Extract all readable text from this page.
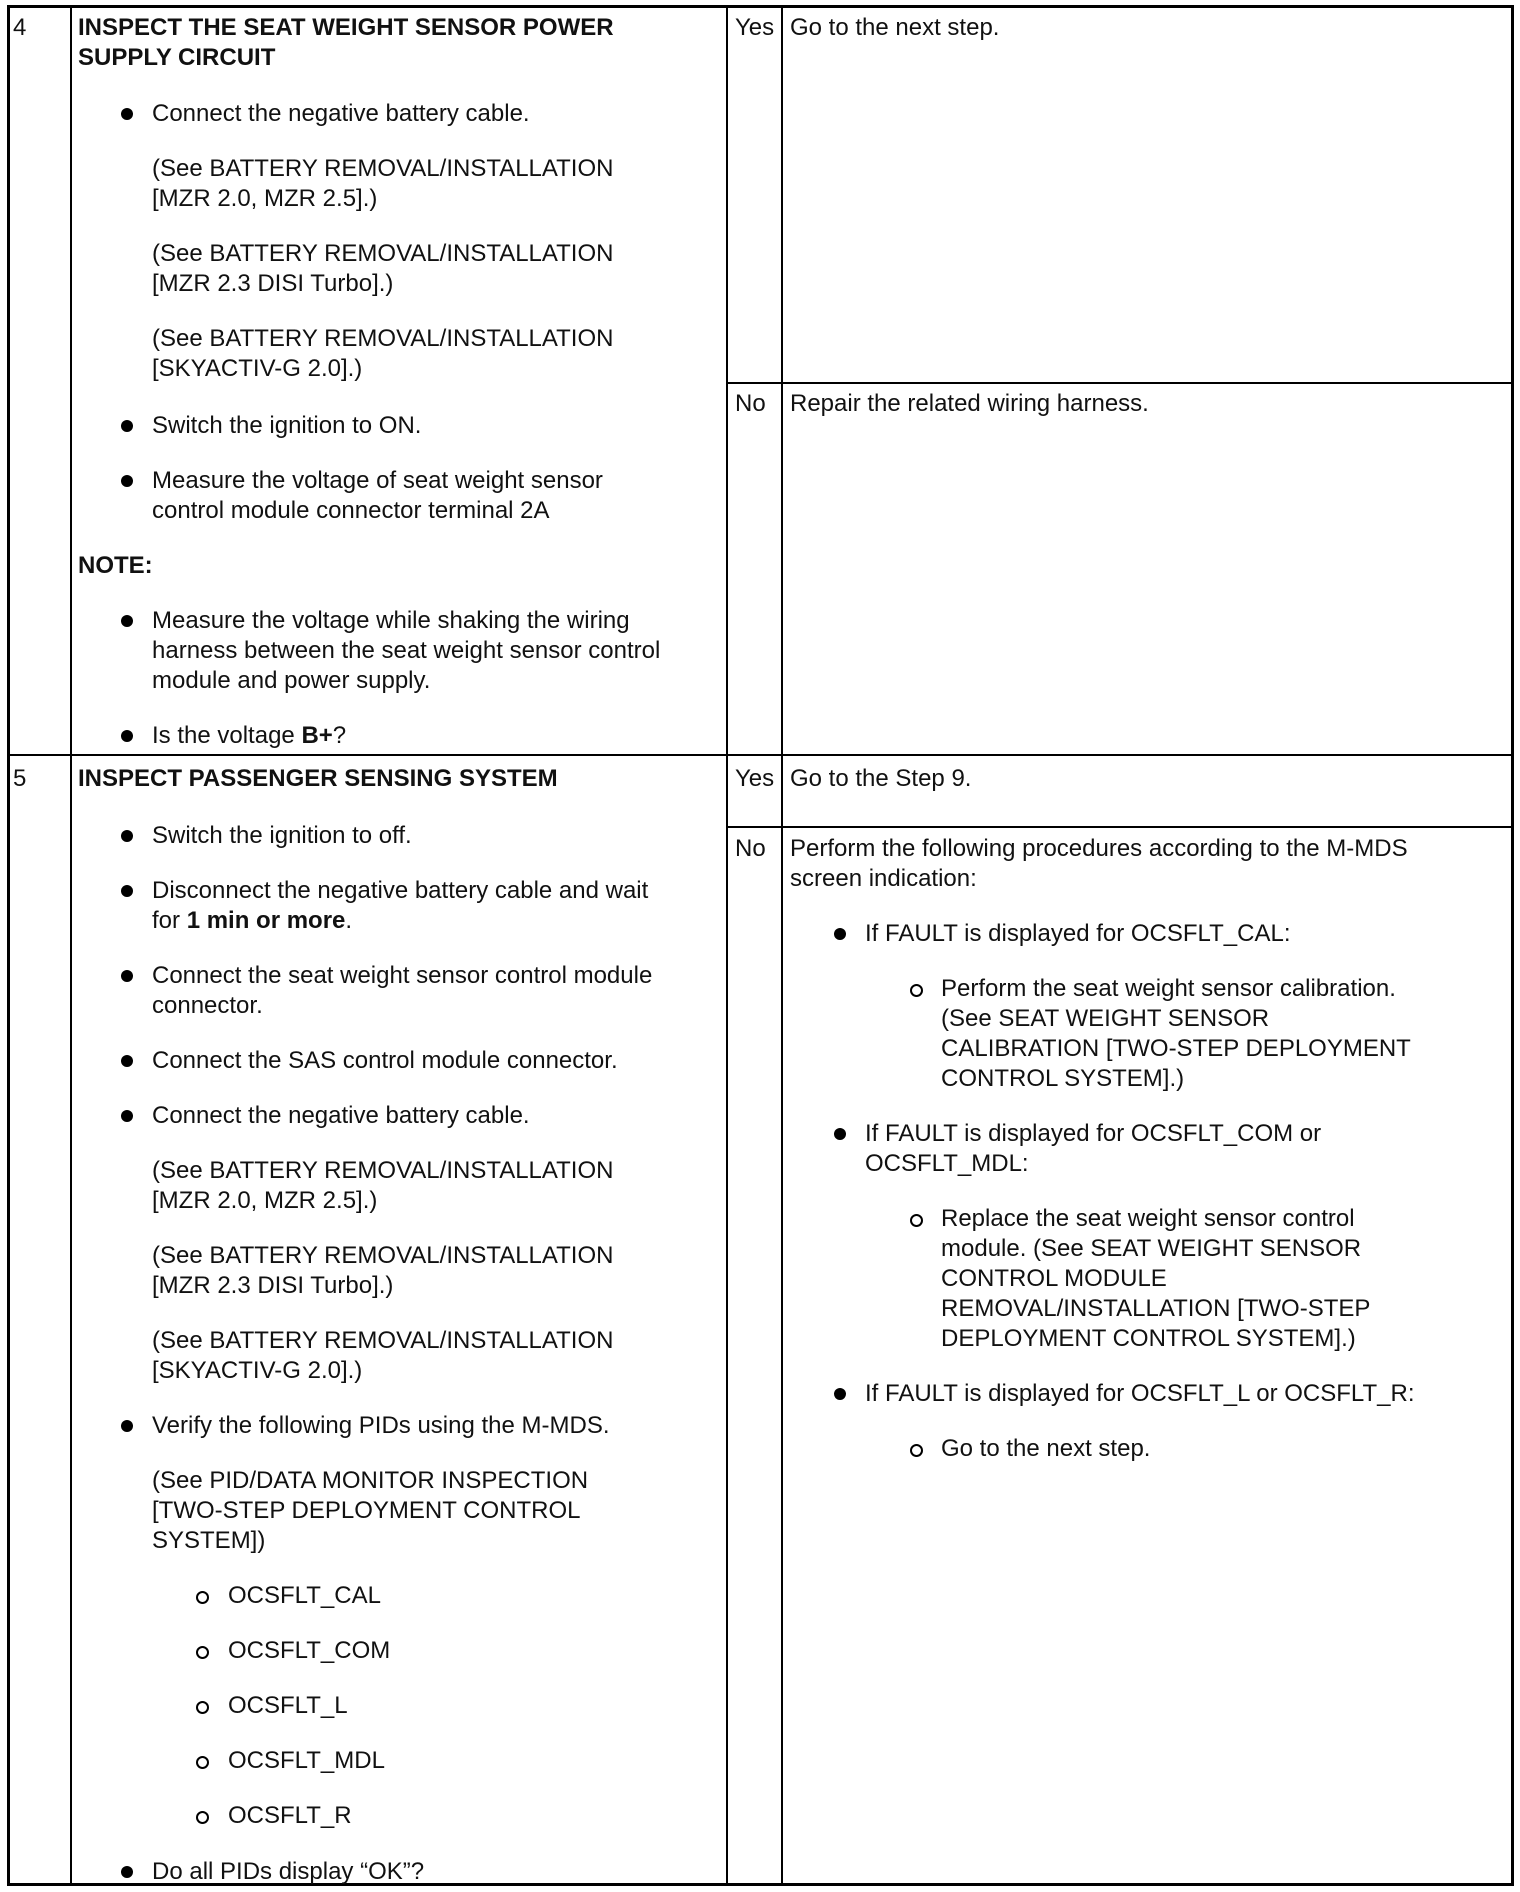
4 INSPECT THE SEAT WEIGHT SENSOR POWER
SUPPLY CIRCUIT
Connect the negative battery cable.
(See BATTERY REMOVAL/INSTALLATION
[MZR 2.0, MZR 2.5].)
(See BATTERY REMOVAL/INSTALLATION
[MZR 2.3 DISI Turbo].)
(See BATTERY REMOVAL/INSTALLATION
[SKYACTIV-G 2.0].)
Switch the ignition to ON.
Measure the voltage of seat weight sensor
control module connector terminal 2A
NOTE:
Measure the voltage while shaking the wiring
harness between the seat weight sensor control
module and power supply.
Is the voltage B+?
Yes Go to the next step.
No Repair the related wiring harness.
5 INSPECT PASSENGER SENSING SYSTEM
Switch the ignition to off.
Disconnect the negative battery cable and wait
for 1 min or more.
Connect the seat weight sensor control module
connector.
Connect the SAS control module connector.
Connect the negative battery cable.
(See BATTERY REMOVAL/INSTALLATION
[MZR 2.0, MZR 2.5].)
(See BATTERY REMOVAL/INSTALLATION
[MZR 2.3 DISI Turbo].)
(See BATTERY REMOVAL/INSTALLATION
[SKYACTIV-G 2.0].)
Verify the following PIDs using the M-MDS.
(See PID/DATA MONITOR INSPECTION
[TWO-STEP DEPLOYMENT CONTROL
SYSTEM])
OCSFLT_CAL
OCSFLT_COM
OCSFLT_L
OCSFLT_MDL
OCSFLT_R
Do all PIDs display “OK”?
Yes Go to the Step 9.
No Perform the following procedures according to the M-MDS
screen indication:
If FAULT is displayed for OCSFLT_CAL:
Perform the seat weight sensor calibration.
(See SEAT WEIGHT SENSOR
CALIBRATION [TWO-STEP DEPLOYMENT
CONTROL SYSTEM].)
If FAULT is displayed for OCSFLT_COM or
OCSFLT_MDL:
Replace the seat weight sensor control
module. (See SEAT WEIGHT SENSOR
CONTROL MODULE
REMOVAL/INSTALLATION [TWO-STEP
DEPLOYMENT CONTROL SYSTEM].)
If FAULT is displayed for OCSFLT_L or OCSFLT_R:
Go to the next step.
